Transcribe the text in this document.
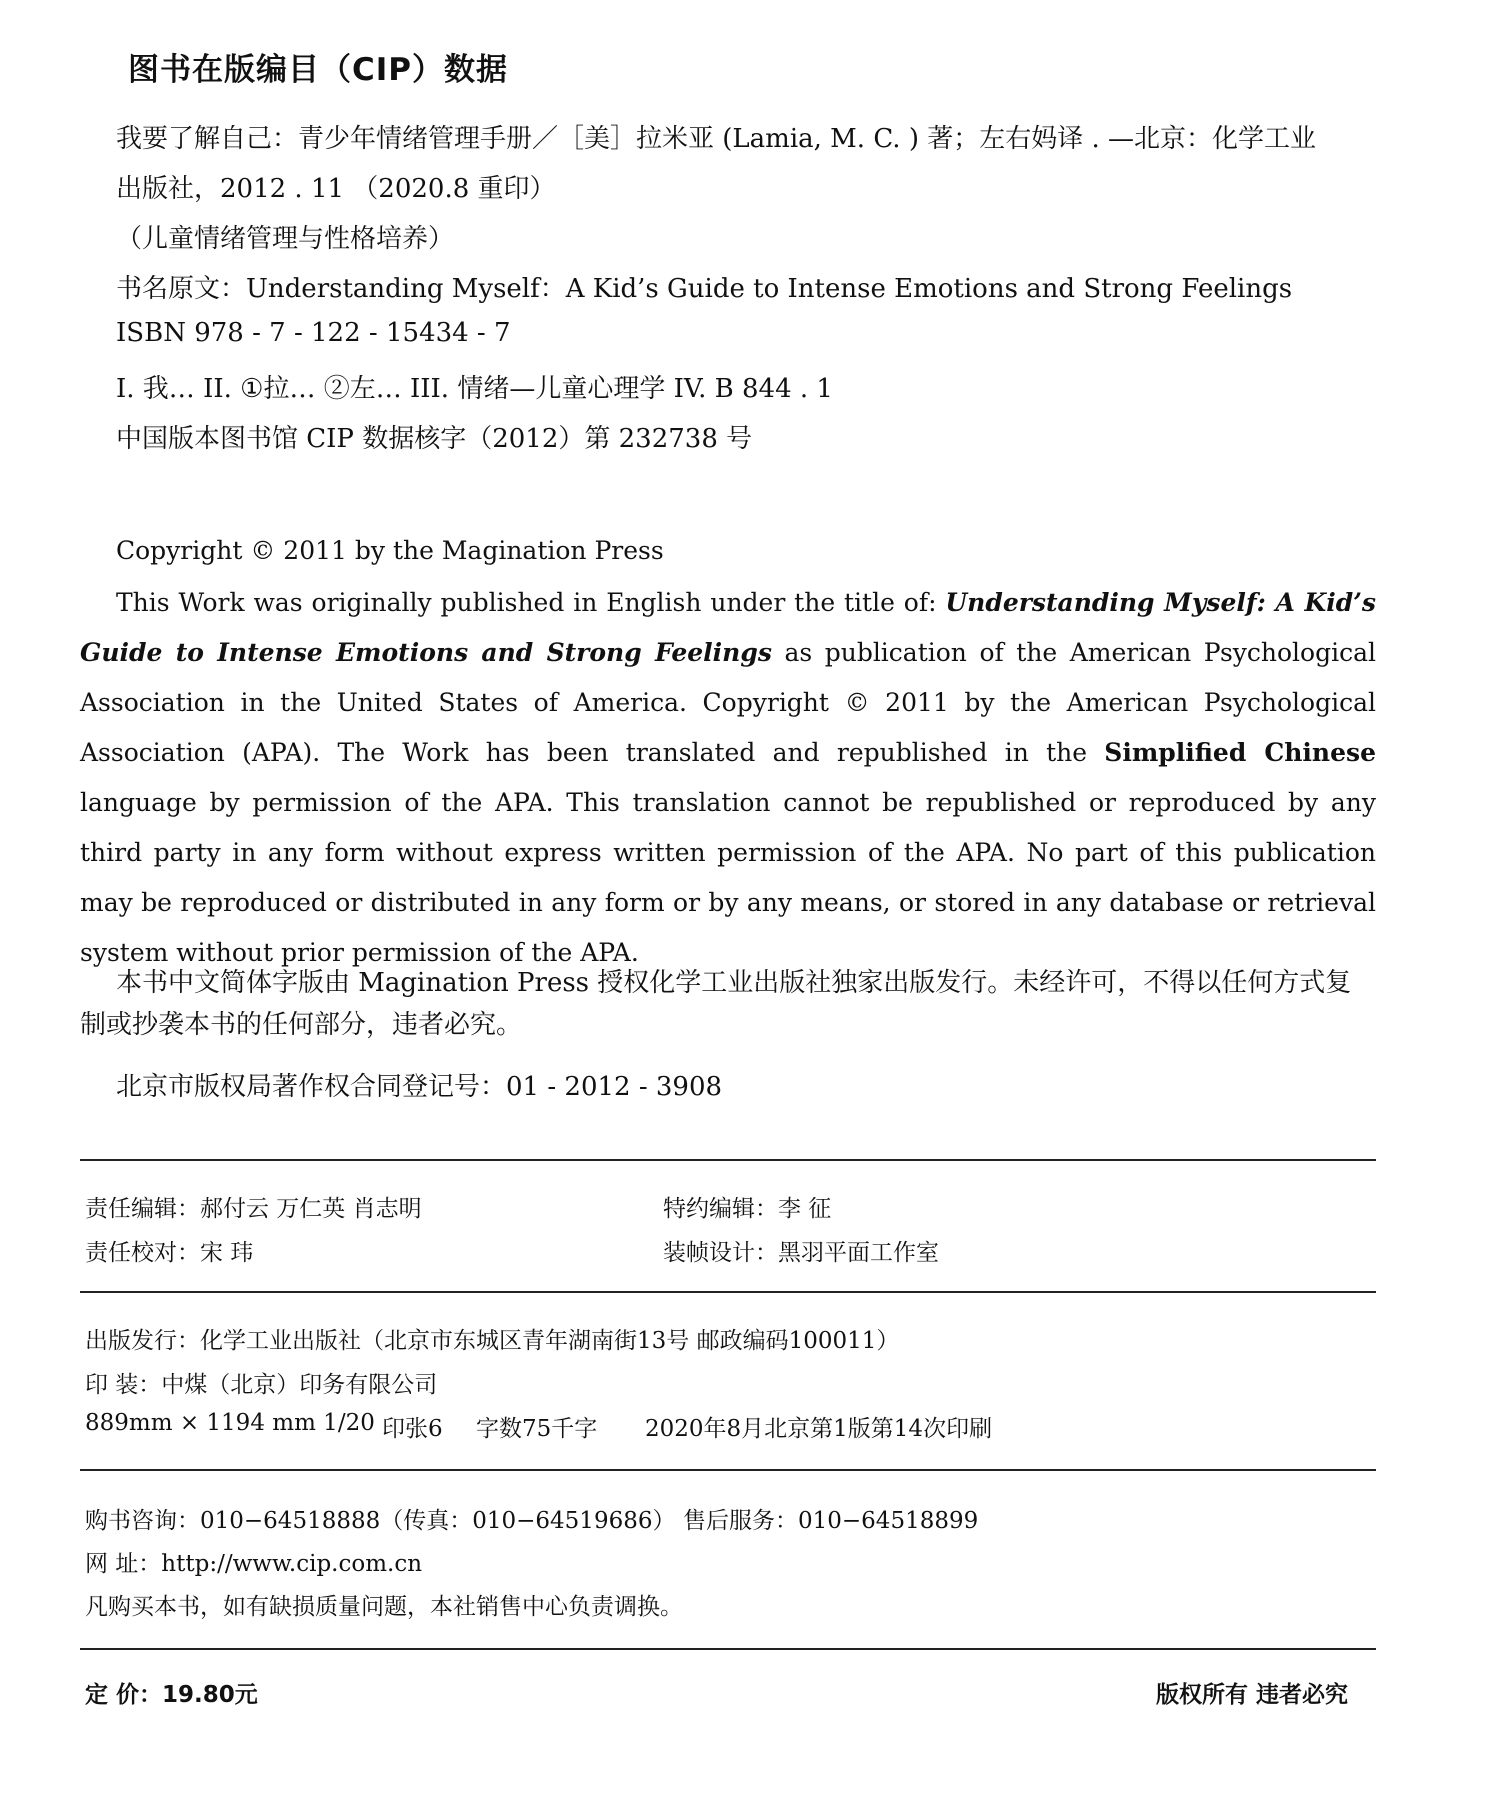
图书在版编目（CIP）数据
我要了解自己：青少年情绪管理手册／［美］拉米亚 (Lamia, M. C. ) 著；左右妈译 . —北京：化学工业
出版社，2012 . 11 （2020.8 重印）
（儿童情绪管理与性格培养）
书名原文：Understanding Myself：A Kid’s Guide to Intense Emotions and Strong Feelings
ISBN 978 - 7 - 122 - 15434 - 7
I. 我… II. ①拉… ②左… III. 情绪—儿童心理学 IV. B 844 . 1
中国版本图书馆 CIP 数据核字（2012）第 232738 号
Copyright © 2011 by the Magination Press
This Work was originally published in English under the title of: Understanding Myself: A Kid’s Guide to Intense Emotions and Strong Feelings as publication of the American Psychological Association in the United States of America. Copyright © 2011 by the American Psychological Association (APA). The Work has been translated and republished in the Simplified Chinese language by permission of the APA. This translation cannot be republished or reproduced by any third party in any form without express written permission of the APA. No part of this publication may be reproduced or distributed in any form or by any means, or stored in any database or retrieval system without prior permission of the APA.
本书中文简体字版由 Magination Press 授权化学工业出版社独家出版发行。未经许可，不得以任何方式复制或抄袭本书的任何部分，违者必究。
北京市版权局著作权合同登记号：01 - 2012 - 3908
责任编辑：郝付云 万仁英 肖志明	特约编辑：李 征
责任校对：宋 玮	装帧设计：黑羽平面工作室
出版发行：化学工业出版社（北京市东城区青年湖南街13号 邮政编码100011）
印 装：中煤（北京）印务有限公司
889mm × 1194 mm 1/20 印张6 字数75千字 2020年8月北京第1版第14次印刷
购书咨询：010−64518888（传真：010−64519686） 售后服务：010−64518899
网 址：http://www.cip.com.cn
凡购买本书，如有缺损质量问题，本社销售中心负责调换。
定 价：19.80元	版权所有 违者必究
